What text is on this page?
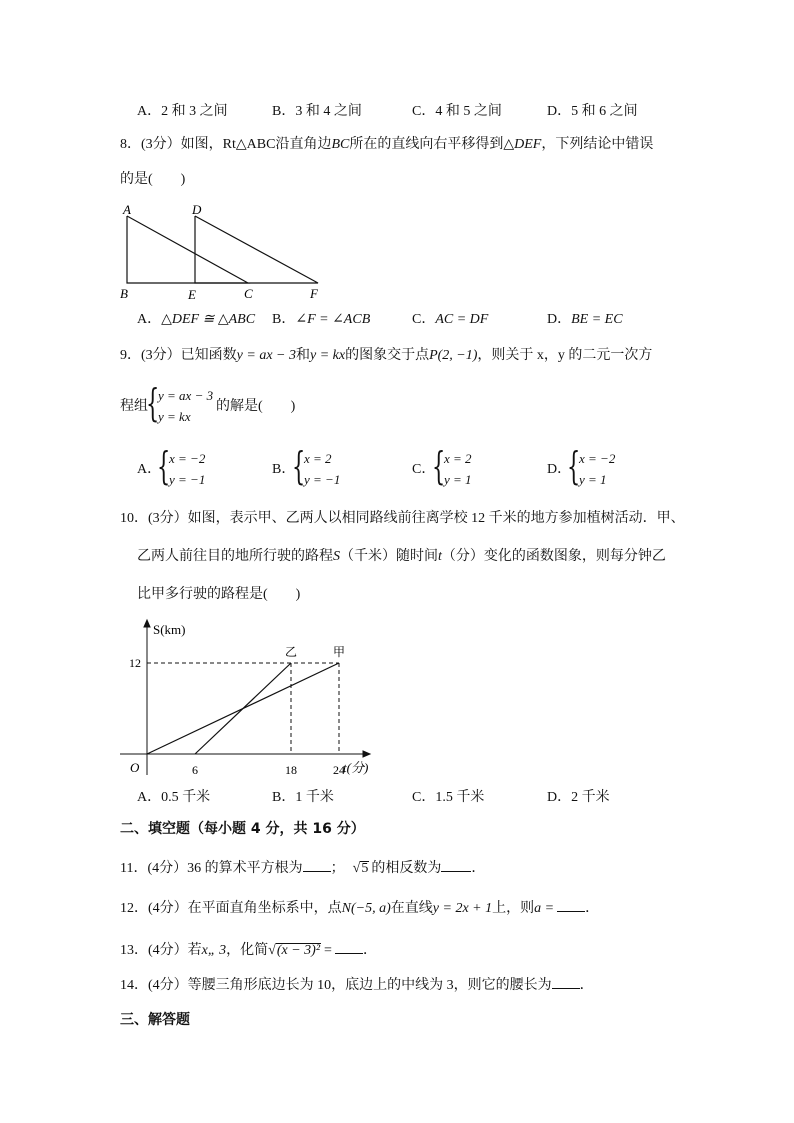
A．2 和 3 之间	B．3 和 4 之间	C．4 和 5 之间	D．5 和 6 之间
8．(3分）如图，Rt△ABC沿直角边BC所在的直线向右平移得到△DEF，下列结论中错误
的是(　　)
A	D
B	E	C	F
A．△DEF ≅ △ABC B．∠F = ∠ACB	C．AC = DF	D．BE = EC
9．(3分）已知函数y = ax − 3和y = kx的图象交于点P(2, −1)，则关于 x，y 的二元一次方
程组
{
y = ax − 3
y = kx
的解是(　　)
A．
{
x = −2
y = −1
B．
{
x = 2
y = −1
C．
{
x = 2
y = 1
D．
{
x = −2
y = 1
10．(3分）如图，表示甲、乙两人以相同路线前往离学校 12 千米的地方参加植树活动．甲、
乙两人前往目的地所行驶的路程S（千米）随时间t（分）变化的函数图象，则每分钟乙
比甲多行驶的路程是(　　)
乙	甲
6	18	24
12
S(km)
t(分)
O
A．0.5 千米	B．1 千米	C．1.5 千米	D．2 千米
二、填空题（每小题 4 分，共 16 分）
11．(4分）36 的算术平方根为 ； √5 的相反数为 ．
12．(4分）在平面直角坐标系中，点N(−5, a)在直线y = 2x + 1上，则a = ．
13．(4分）若x„ 3，化简√(x − 3)² = ．
14．(4分）等腰三角形底边长为 10，底边上的中线为 3，则它的腰长为 ．
三、解答题
